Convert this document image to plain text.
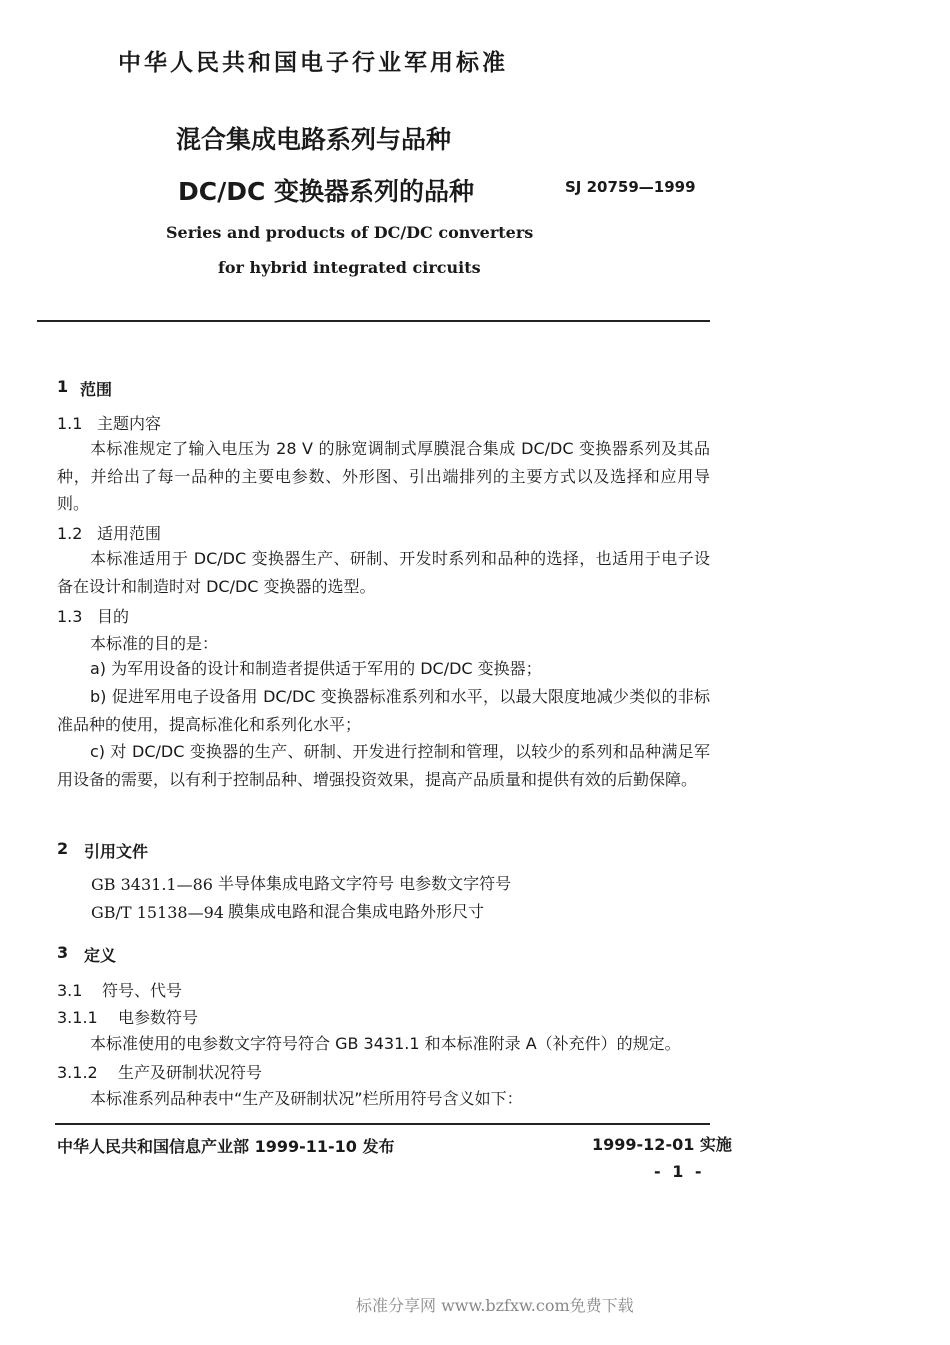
中华人民共和国电子行业军用标准
混合集成电路系列与品种
DC/DC 变换器系列的品种	SJ 20759—1999
Series and products of DC/DC converters
for hybrid integrated circuits
1 范围
1.1 主题内容
本标准规定了输入电压为 28 V 的脉宽调制式厚膜混合集成 DC/DC 变换器系列及其品种，并给出了每一品种的主要电参数、外形图、引出端排列的主要方式以及选择和应用导则。
1.2 适用范围
本标准适用于 DC/DC 变换器生产、研制、开发时系列和品种的选择，也适用于电子设备在设计和制造时对 DC/DC 变换器的选型。
1.3 目的
本标准的目的是：
a) 为军用设备的设计和制造者提供适于军用的 DC/DC 变换器；
b) 促进军用电子设备用 DC/DC 变换器标准系列和水平，以最大限度地减少类似的非标准品种的使用，提高标准化和系列化水平；
c) 对 DC/DC 变换器的生产、研制、开发进行控制和管理，以较少的系列和品种满足军用设备的需要，以有利于控制品种、增强投资效果，提高产品质量和提供有效的后勤保障。
2 引用文件
GB 3431.1—86 半导体集成电路文字符号 电参数文字符号
GB/T 15138—94 膜集成电路和混合集成电路外形尺寸
3 定义
3.1 符号、代号
3.1.1 电参数符号
本标准使用的电参数文字符号符合 GB 3431.1 和本标准附录 A（补充件）的规定。
3.1.2 生产及研制状况符号
本标准系列品种表中“生产及研制状况”栏所用符号含义如下：
中华人民共和国信息产业部 1999-11-10 发布	1999-12-01 实施
- 1 -
标准分享网 www.bzfxw.com免费下载
